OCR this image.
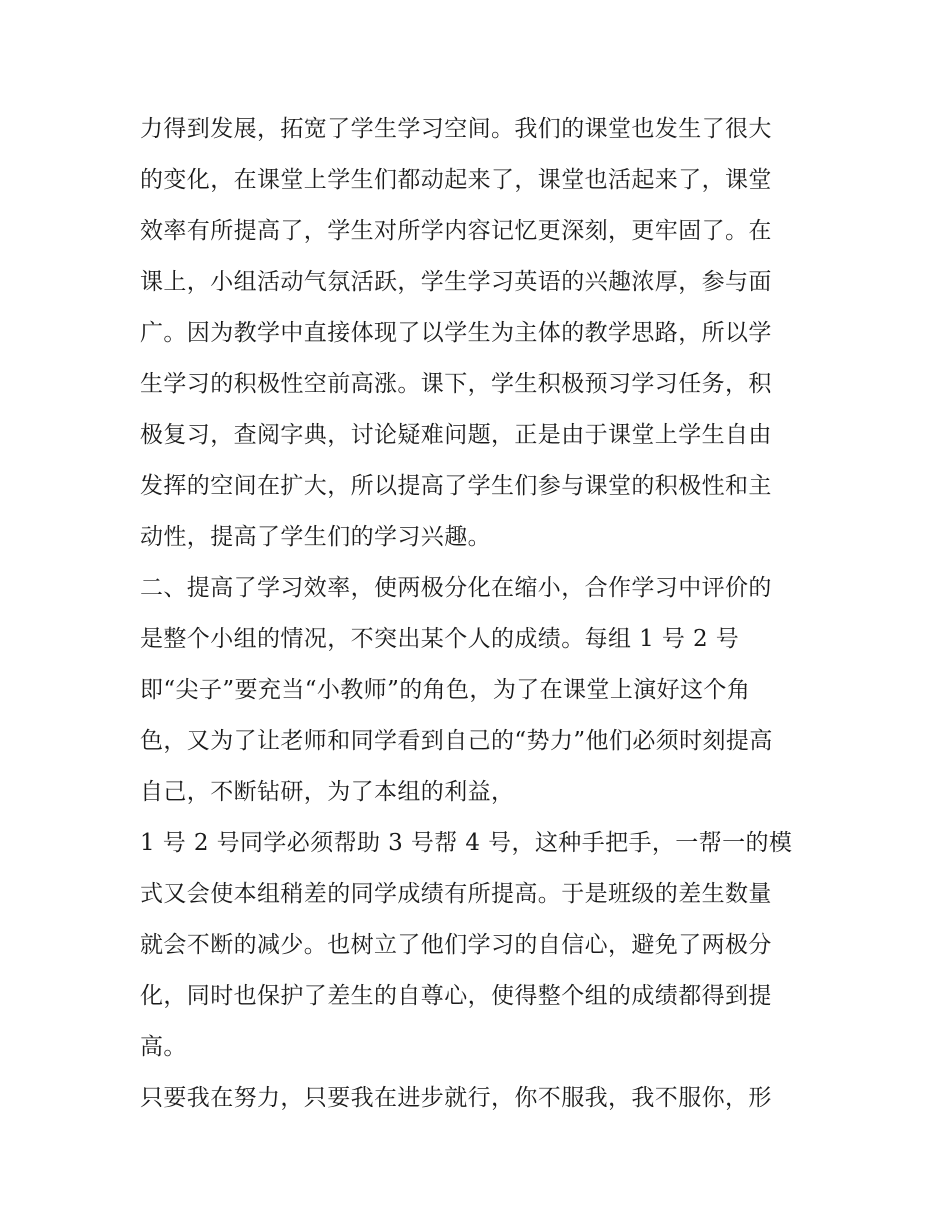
力得到发展，拓宽了学生学习空间。我们的课堂也发生了很大
的变化，在课堂上学生们都动起来了，课堂也活起来了，课堂
效率有所提高了，学生对所学内容记忆更深刻，更牢固了。在
课上，小组活动气氛活跃，学生学习英语的兴趣浓厚，参与面
广。因为教学中直接体现了以学生为主体的教学思路，所以学
生学习的积极性空前高涨。课下，学生积极预习学习任务，积
极复习，查阅字典，讨论疑难问题，正是由于课堂上学生自由
发挥的空间在扩大，所以提高了学生们参与课堂的积极性和主
动性，提高了学生们的学习兴趣。
二、提高了学习效率，使两极分化在缩小，合作学习中评价的
是整个小组的情况，不突出某个人的成绩。每组 1 号 2 号
即“尖子”要充当“小教师”的角色，为了在课堂上演好这个角
色，又为了让老师和同学看到自己的“势力”他们必须时刻提高
自己，不断钻研，为了本组的利益，
1 号 2 号同学必须帮助 3 号帮 4 号，这种手把手，一帮一的模
式又会使本组稍差的同学成绩有所提高。于是班级的差生数量
就会不断的减少。也树立了他们学习的自信心，避免了两极分
化，同时也保护了差生的自尊心，使得整个组的成绩都得到提
高。
只要我在努力，只要我在进步就行，你不服我，我不服你，形
